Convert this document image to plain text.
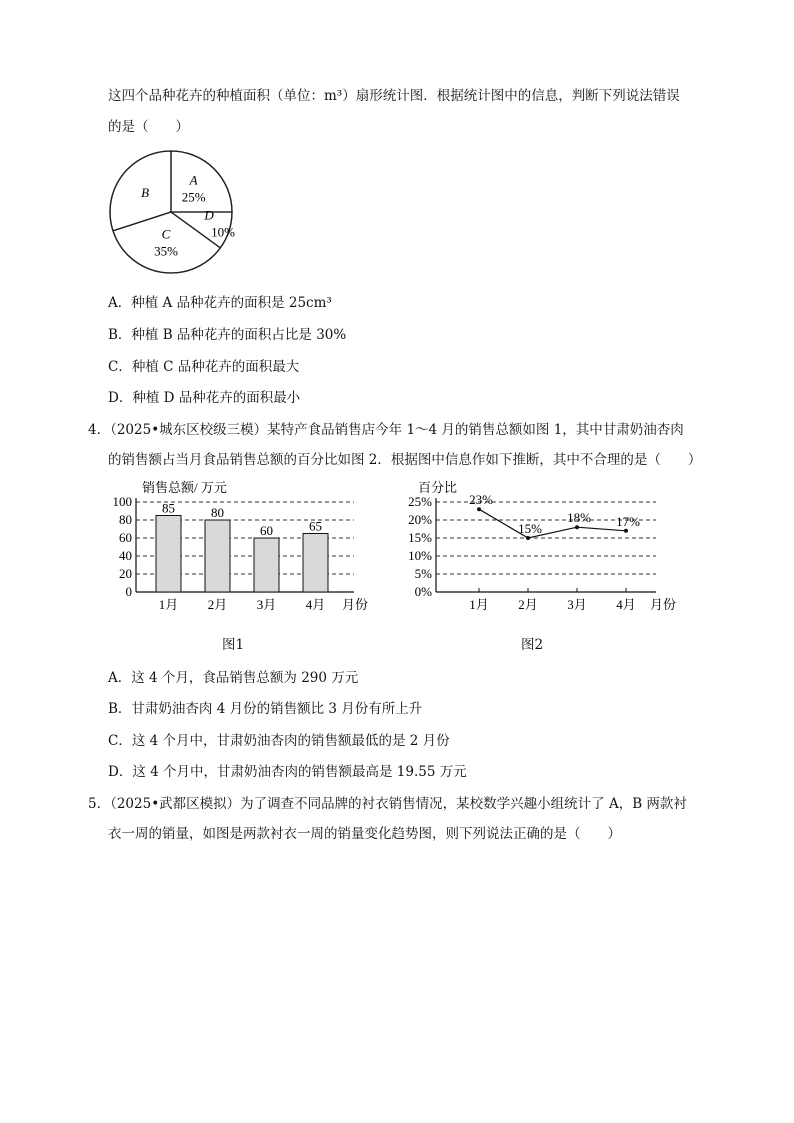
这四个品种花卉的种植面积（单位：m³）扇形统计图．根据统计图中的信息，判断下列说法错误
的是（　　）
A
25%
D
10%
C
35%
B
A．种植 A 品种花卉的面积是 25cm³
B．种植 B 品种花卉的面积占比是 30%
C．种植 C 品种花卉的面积最大
D．种植 D 品种花卉的面积最小
4．（2025•城东区校级三模）某特产食品销售店今年 1～4 月的销售总额如图 1，其中甘肃奶油杏肉
的销售额占当月食品销售总额的百分比如图 2．根据图中信息作如下推断，其中不合理的是（　　）
销售总额/ 万元
0
20
40
60
80
100 85
1月
80
2月
60
3月
65
4月 月份
图1
百分比
0%
5%
10%
15%
20%
25%	23%
1月
15%
2月
18%
3月
17%
4月 月份
图2
A．这 4 个月，食品销售总额为 290 万元
B．甘肃奶油杏肉 4 月份的销售额比 3 月份有所上升
C．这 4 个月中，甘肃奶油杏肉的销售额最低的是 2 月份
D．这 4 个月中，甘肃奶油杏肉的销售额最高是 19.55 万元
5．（2025•武都区模拟）为了调查不同品牌的衬衣销售情况，某校数学兴趣小组统计了 A，B 两款衬
衣一周的销量，如图是两款衬衣一周的销量变化趋势图，则下列说法正确的是（　　）
